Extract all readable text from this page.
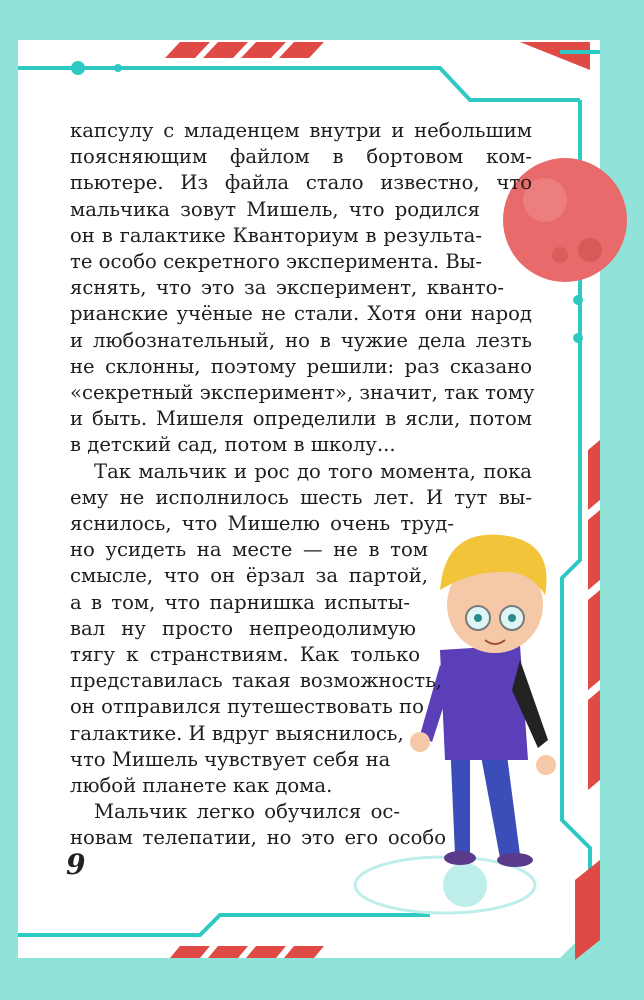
капсулу с младенцем внутри и небольшим
поясняющим файлом в бортовом ком-
пьютере. Из файла стало известно, что
мальчика зовут Мишель, что родился
он в галактике Кванториум в результа-
те особо секретного эксперимента. Вы-
яснять, что это за эксперимент, кванто-
рианские учёные не стали. Хотя они народ
и любознательный, но в чужие дела лезть
не склонны, поэтому решили: раз сказано
«секретный эксперимент», значит, так тому
и быть. Мишеля определили в ясли, потом
в детский сад, потом в школу...
Так мальчик и рос до того момента, пока
ему не исполнилось шесть лет. И тут вы-
яснилось, что Мишелю очень труд-
но усидеть на месте — не в том
смысле, что он ёрзал за партой,
а в том, что парнишка испыты-
вал ну просто непреодолимую
тягу к странствиям. Как только
представилась такая возможность,
он отправился путешествовать по
галактике. И вдруг выяснилось,
что Мишель чувствует себя на
любой планете как дома.
Мальчик легко обучился ос-
новам телепатии, но это его особо
9
